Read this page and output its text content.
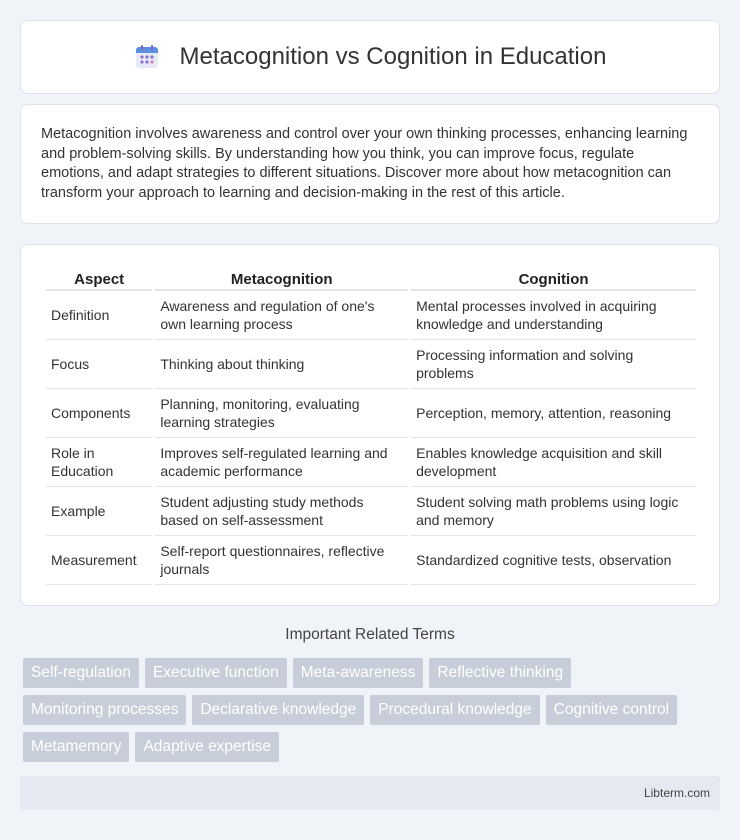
Metacognition vs Cognition in Education

Metacognition involves awareness and control over your own thinking processes, enhancing learning and problem-solving skills. By understanding how you think, you can improve focus, regulate emotions, and adapt strategies to different situations. Discover more about how metacognition can transform your approach to learning and decision-making in the rest of this article.

Aspect	Metacognition	Cognition
Definition	Awareness and regulation of one's own learning process	Mental processes involved in acquiring knowledge and understanding
Focus	Thinking about thinking	Processing information and solving problems
Components	Planning, monitoring, evaluating learning strategies	Perception, memory, attention, reasoning
Role in Education	Improves self-regulated learning and academic performance	Enables knowledge acquisition and skill development
Example	Student adjusting study methods based on self-assessment	Student solving math problems using logic and memory
Measurement	Self-report questionnaires, reflective journals	Standardized cognitive tests, observation
Important Related Terms
Self-regulation	Executive function	Meta-awareness	Reflective thinking
Monitoring processes	Declarative knowledge	Procedural knowledge	Cognitive control
Metamemory	Adaptive expertise
Libterm.com
